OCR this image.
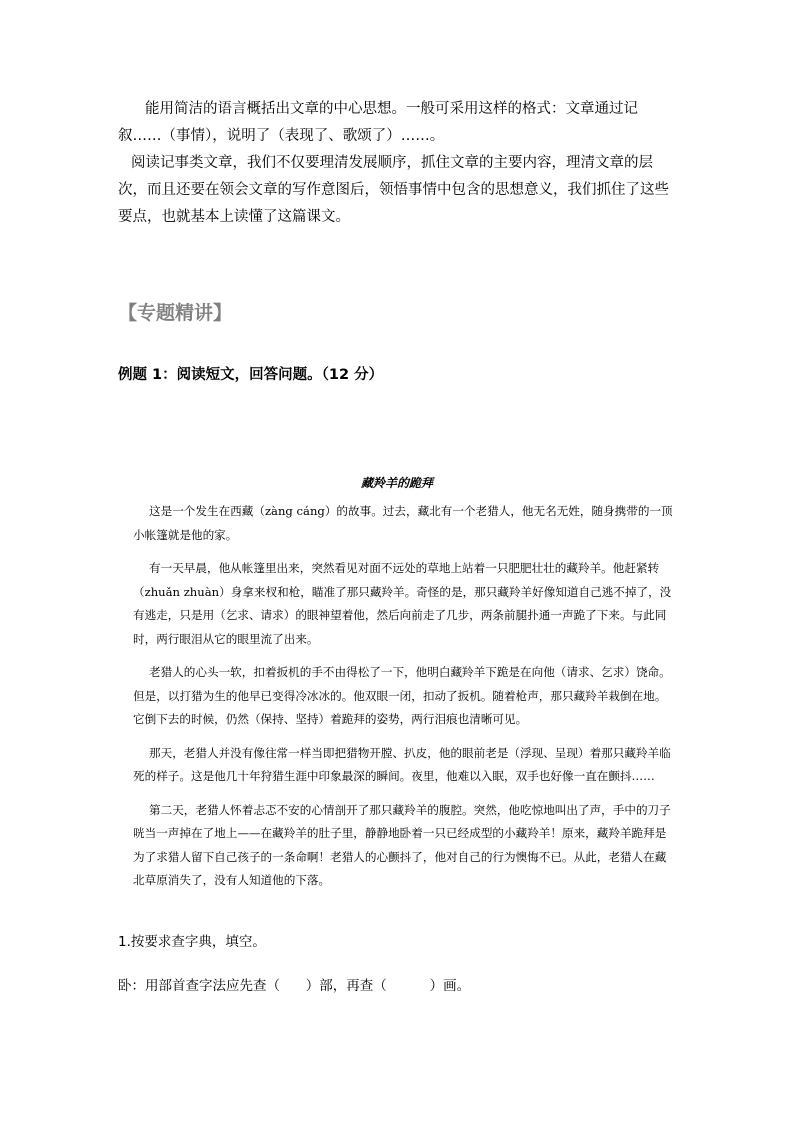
能用简洁的语言概括出文章的中心思想。一般可采用这样的格式：文章通过记叙……（事情），说明了（表现了、歌颂了）……。

阅读记事类文章，我们不仅要理清发展顺序，抓住文章的主要内容，理清文章的层次，而且还要在领会文章的写作意图后，领悟事情中包含的思想意义，我们抓住了这些要点，也就基本上读懂了这篇课文。

【专题精讲】
例题 1：阅读短文，回答问题。（12 分）
藏羚羊的跪拜

这是一个发生在西藏（zàng cáng）的故事。过去，藏北有一个老猎人，他无名无姓，随身携带的一顶小帐篷就是他的家。

有一天早晨，他从帐篷里出来，突然看见对面不远处的草地上站着一只肥肥壮壮的藏羚羊。他赶紧转（zhuǎn zhuàn）身拿来杈和枪，瞄准了那只藏羚羊。奇怪的是，那只藏羚羊好像知道自己逃不掉了，没有逃走，只是用（乞求、请求）的眼神望着他，然后向前走了几步，两条前腿扑通一声跪了下来。与此同时，两行眼泪从它的眼里流了出来。

老猎人的心头一软，扣着扳机的手不由得松了一下，他明白藏羚羊下跪是在向他（请求、乞求）饶命。但是，以打猎为生的他早已变得冷冰冰的。他双眼一闭，扣动了扳机。随着枪声，那只藏羚羊栽倒在地。它倒下去的时候，仍然（保持、坚持）着跪拜的姿势，两行泪痕也清晰可见。

那天，老猎人并没有像往常一样当即把猎物开膛、扒皮，他的眼前老是（浮现、呈现）着那只藏羚羊临死的样子。这是他几十年狩猎生涯中印象最深的瞬间。夜里，他难以入眠，双手也好像一直在颤抖……

第二天，老猎人怀着忐忑不安的心情剖开了那只藏羚羊的腹腔。突然，他吃惊地叫出了声，手中的刀子咣当一声掉在了地上——在藏羚羊的肚子里，静静地卧着一只已经成型的小藏羚羊！原来，藏羚羊跪拜是为了求猎人留下自己孩子的一条命啊！老猎人的心颤抖了，他对自己的行为懊悔不已。从此，老猎人在藏北草原消失了，没有人知道他的下落。

1.按要求查字典，填空。
卧：用部首查字法应先查（      ）部，再查（          ）画。
